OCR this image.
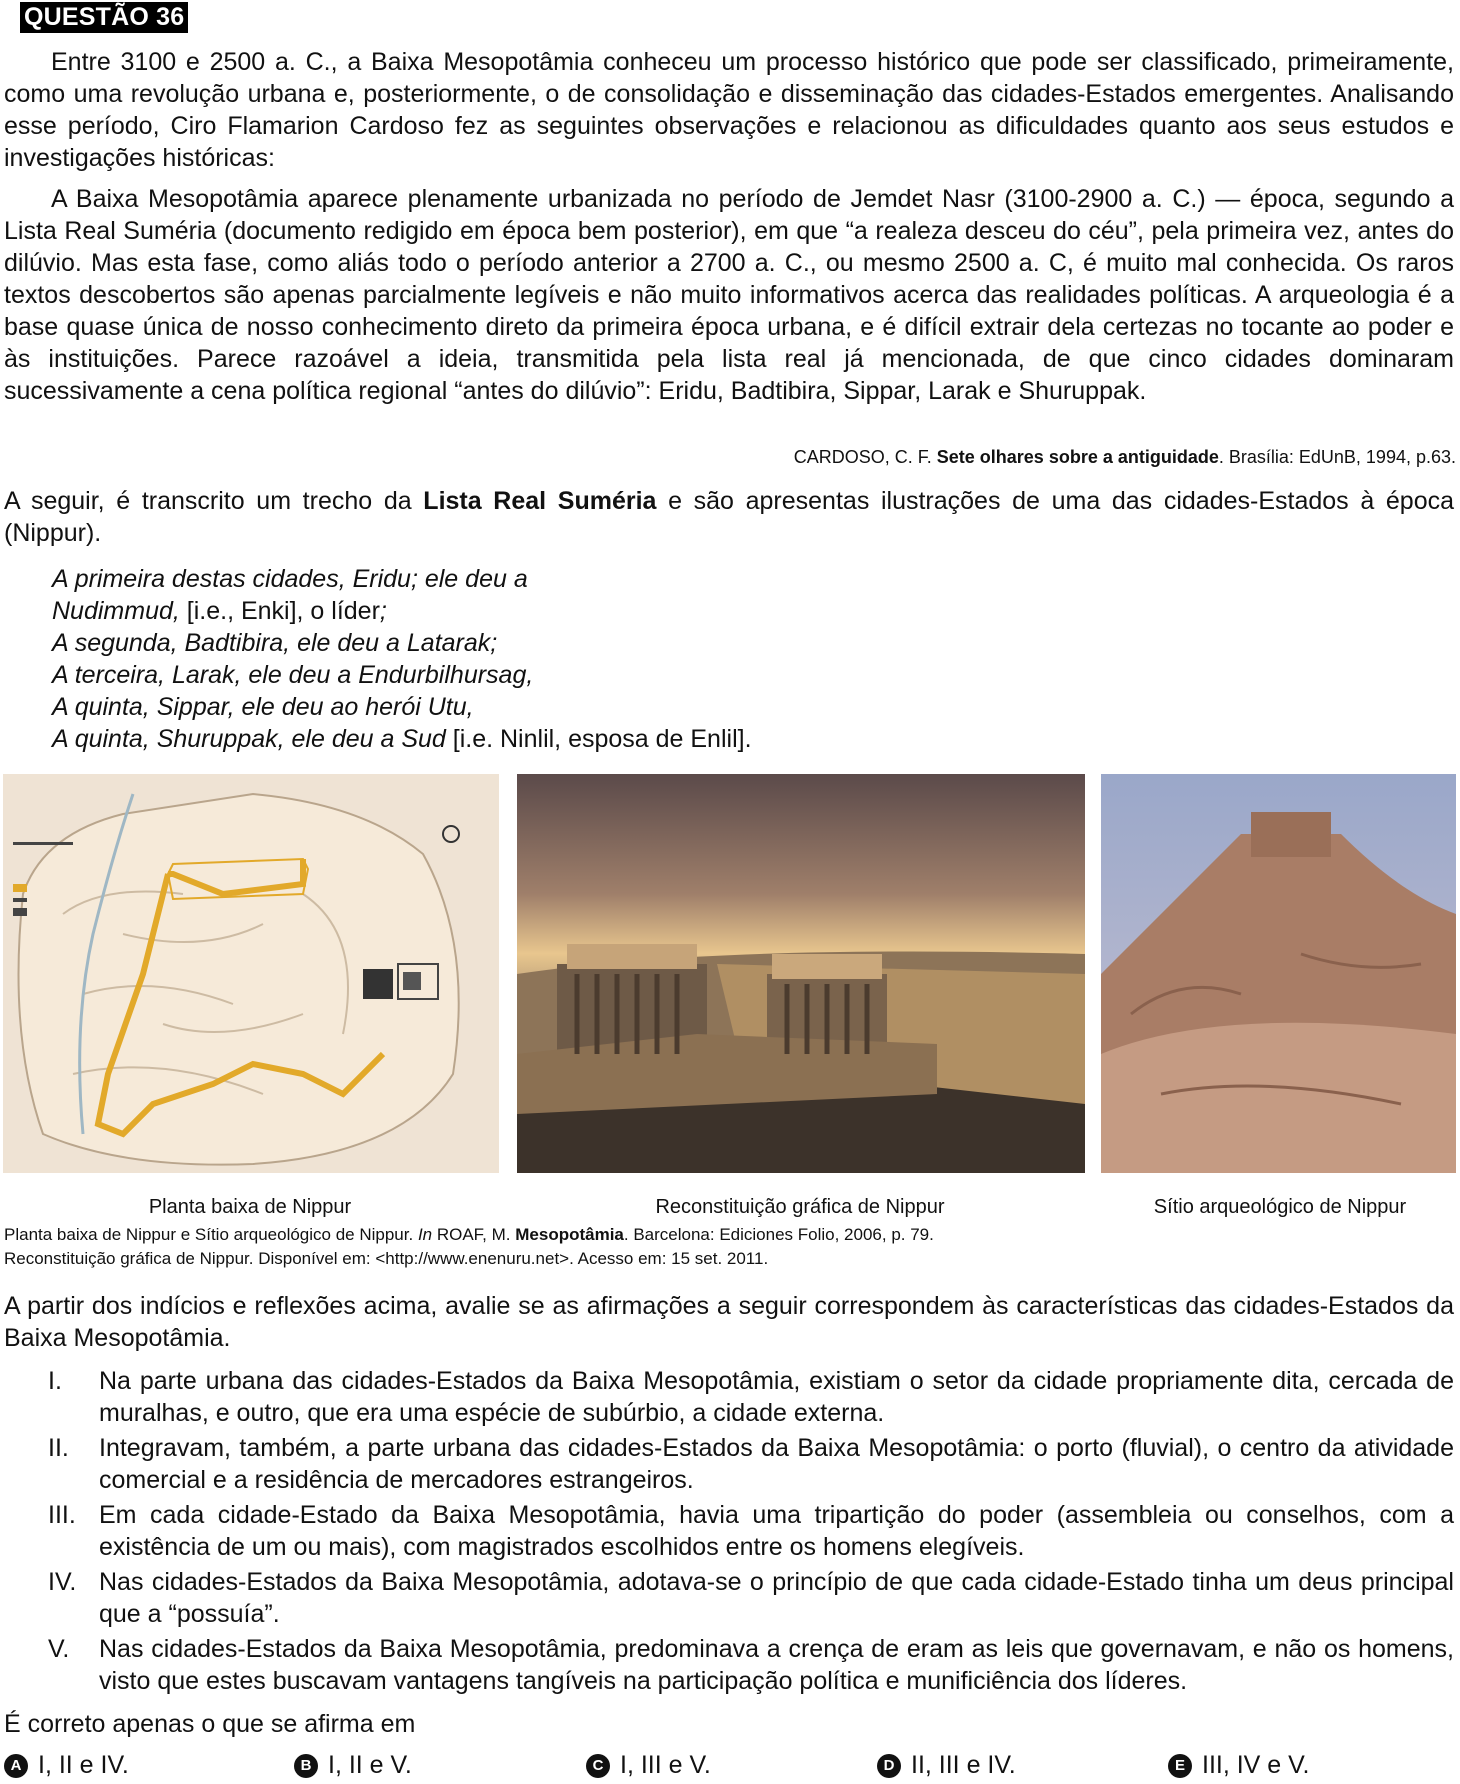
QUESTÃO 36

Entre 3100 e 2500 a. C., a Baixa Mesopotâmia conheceu um processo histórico que pode ser classificado, primeiramente, como uma revolução urbana e, posteriormente, o de consolidação e disseminação das cidades-Estados emergentes. Analisando esse período, Ciro Flamarion Cardoso fez as seguintes observações e relacionou as dificuldades quanto aos seus estudos e investigações históricas:

A Baixa Mesopotâmia aparece plenamente urbanizada no período de Jemdet Nasr (3100-2900 a. C.) — época, segundo a Lista Real Suméria (documento redigido em época bem posterior), em que “a realeza desceu do céu”, pela primeira vez, antes do dilúvio. Mas esta fase, como aliás todo o período anterior a 2700 a. C., ou mesmo 2500 a. C, é muito mal conhecida. Os raros textos descobertos são apenas parcialmente legíveis e não muito informativos acerca das realidades políticas. A arqueologia é a base quase única de nosso conhecimento direto da primeira época urbana, e é difícil extrair dela certezas no tocante ao poder e às instituições. Parece razoável a ideia, transmitida pela lista real já mencionada, de que cinco cidades dominaram sucessivamente a cena política regional “antes do dilúvio”: Eridu, Badtibira, Sippar, Larak e Shuruppak.

CARDOSO, C. F. Sete olhares sobre a antiguidade. Brasília: EdUnB, 1994, p.63.

A seguir, é transcrito um trecho da Lista Real Suméria e são apresentas ilustrações de uma das cidades-Estados à época (Nippur).

A primeira destas cidades, Eridu; ele deu a
Nudimmud, [i.e., Enki], o líder;
A segunda, Badtibira, ele deu a Latarak;
A terceira, Larak, ele deu a Endurbilhursag,
A quinta, Sippar, ele deu ao herói Utu,
A quinta, Shuruppak, ele deu a Sud [i.e. Ninlil, esposa de Enlil].
Planta baixa de Nippur	Reconstituição gráfica de Nippur	Sítio arqueológico de Nippur
Planta baixa de Nippur e Sítio arqueológico de Nippur. In ROAF, M. Mesopotâmia. Barcelona: Ediciones Folio, 2006, p. 79.
Reconstituição gráfica de Nippur. Disponível em: <http://www.enenuru.net>. Acesso em: 15 set. 2011.

A partir dos indícios e reflexões acima, avalie se as afirmações a seguir correspondem às características das cidades-Estados da Baixa Mesopotâmia.

I. Na parte urbana das cidades-Estados da Baixa Mesopotâmia, existiam o setor da cidade propriamente dita, cercada de muralhas, e outro, que era uma espécie de subúrbio, a cidade externa.
II. Integravam, também, a parte urbana das cidades-Estados da Baixa Mesopotâmia: o porto (fluvial), o centro da atividade comercial e a residência de mercadores estrangeiros.
III. Em cada cidade-Estado da Baixa Mesopotâmia, havia uma tripartição do poder (assembleia ou conselhos, com a existência de um ou mais), com magistrados escolhidos entre os homens elegíveis.
IV. Nas cidades-Estados da Baixa Mesopotâmia, adotava-se o princípio de que cada cidade-Estado tinha um deus principal que a “possuía”.
V. Nas cidades-Estados da Baixa Mesopotâmia, predominava a crença de eram as leis que governavam, e não os homens, visto que estes buscavam vantagens tangíveis na participação política e munificiência dos líderes.

É correto apenas o que se afirma em

A I, II e IV.	B I, II e V.	C I, III e V.	D II, III e IV.	E III, IV e V.
